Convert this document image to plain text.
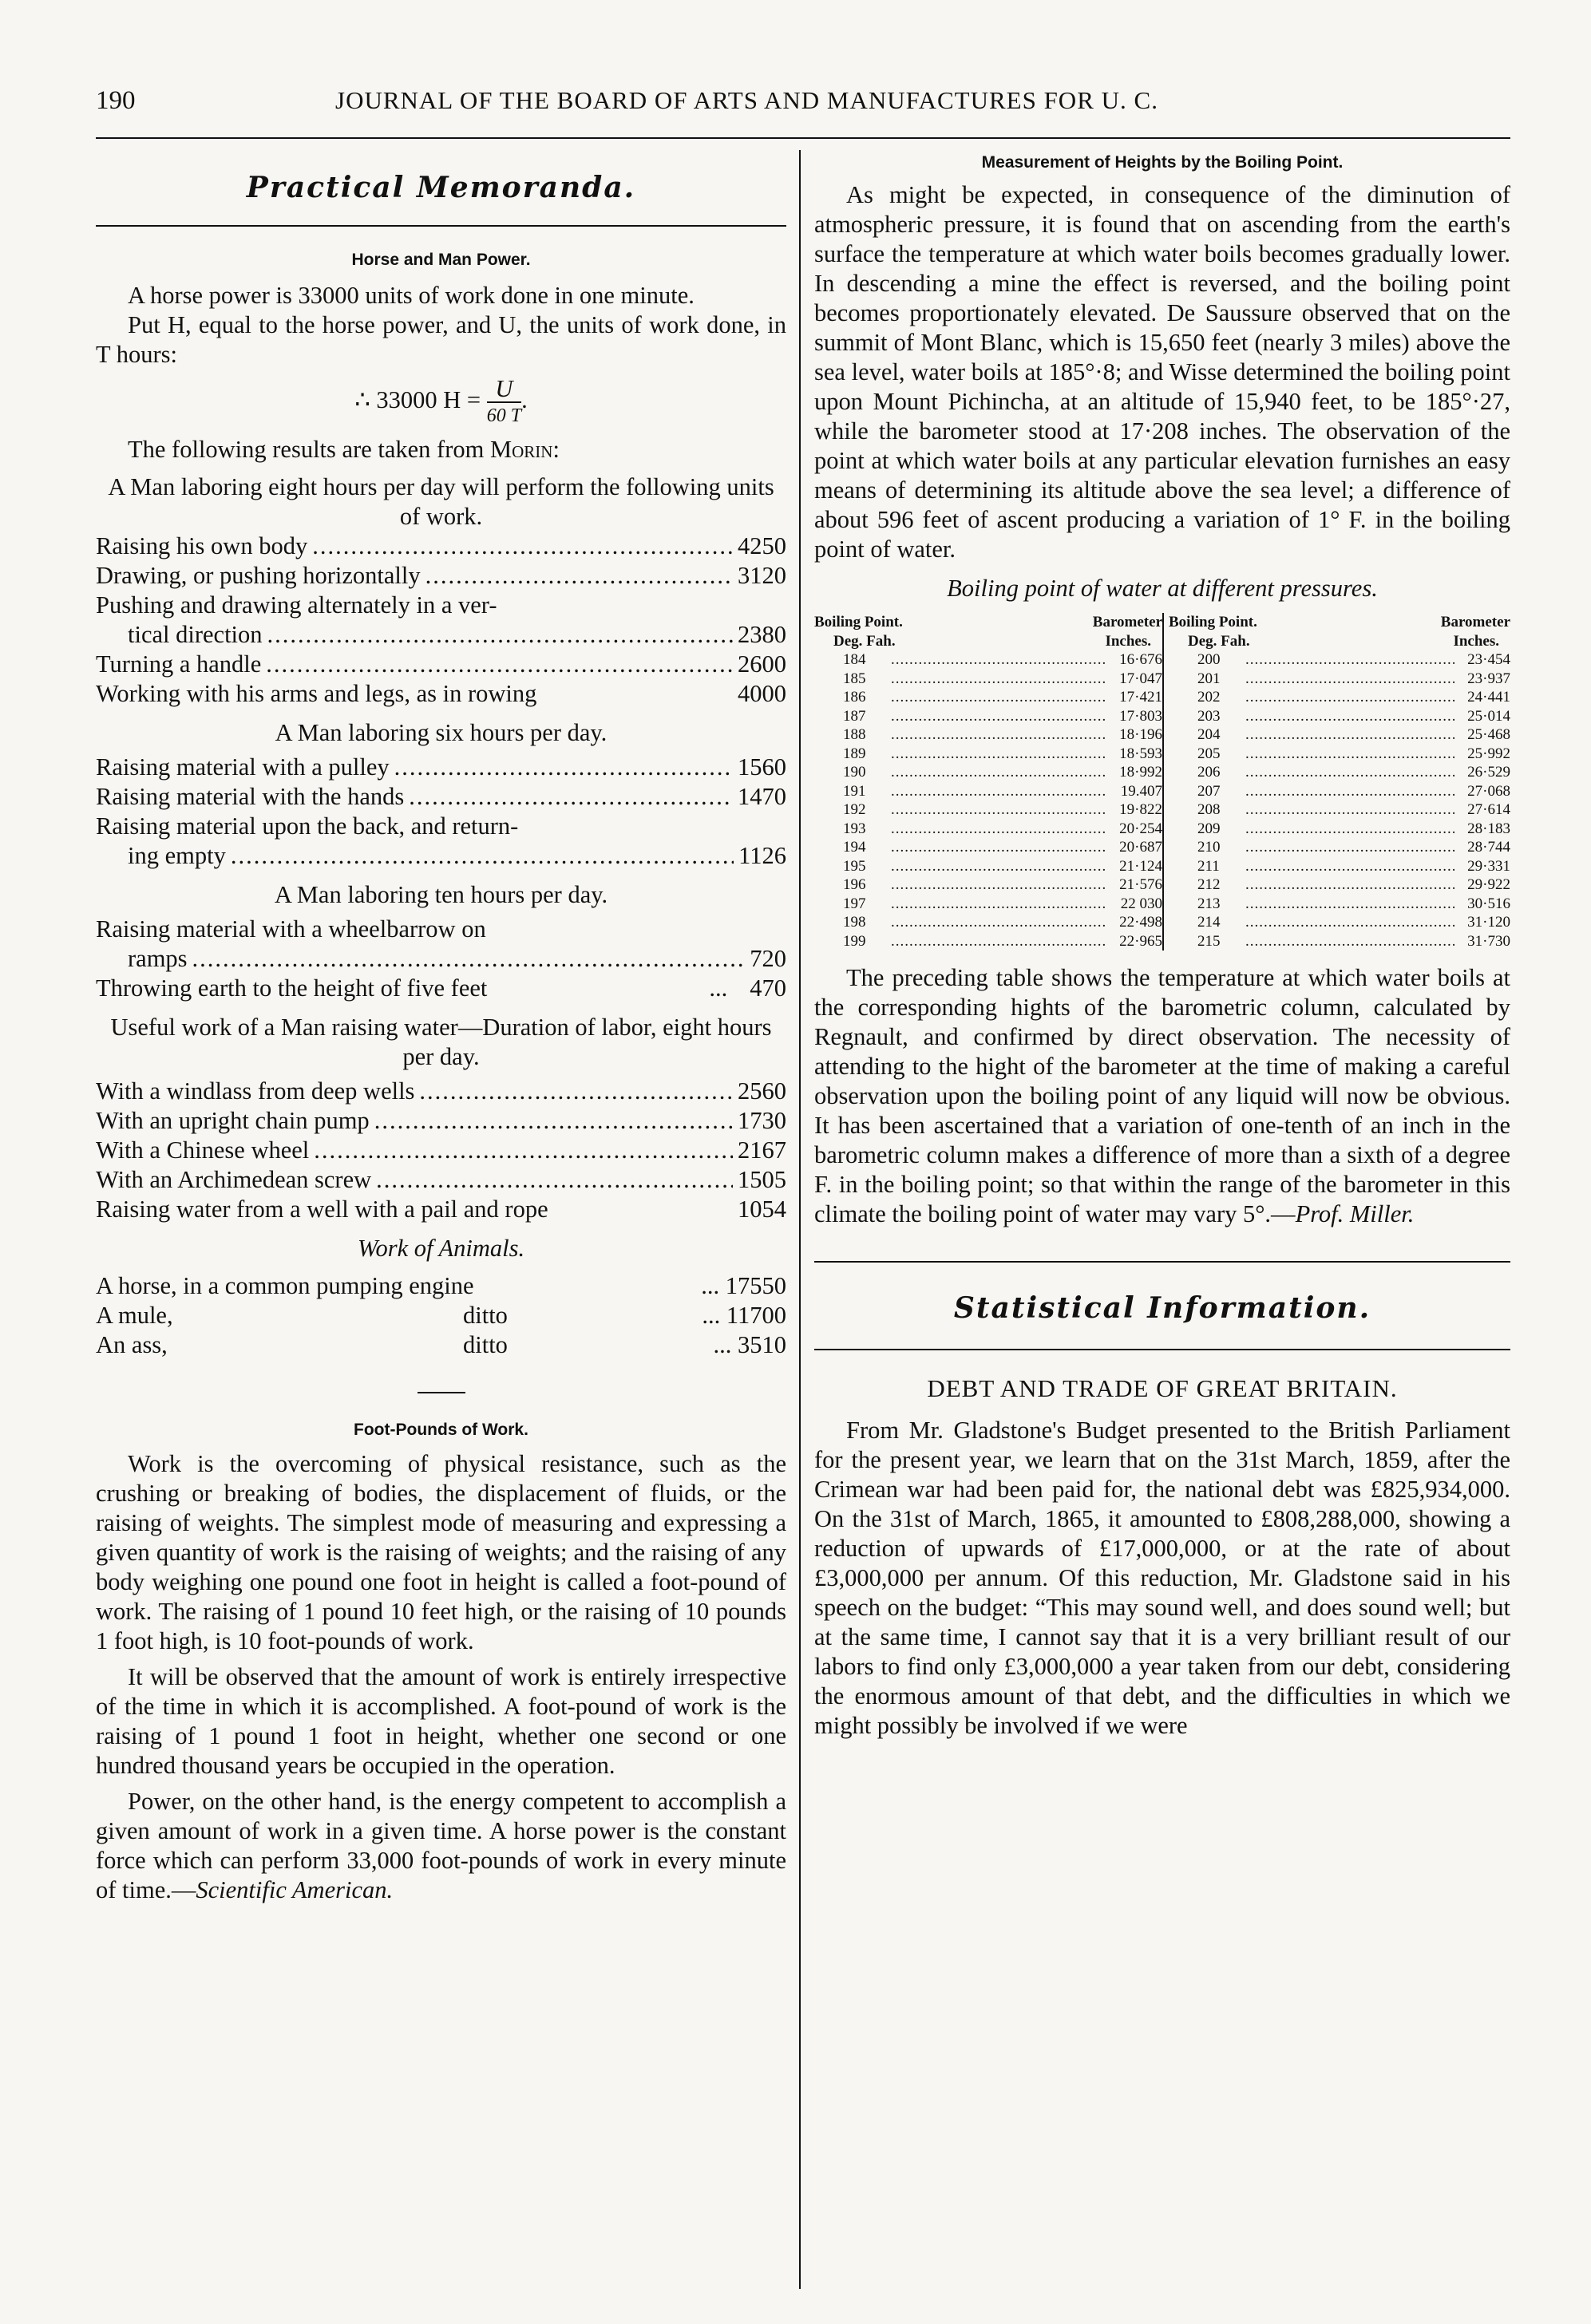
190	JOURNAL OF THE BOARD OF ARTS AND MANUFACTURES FOR U. C.
Practical Memoranda.
Horse and Man Power.

A horse power is 33000 units of work done in one minute.

Put H, equal to the horse power, and U, the units of work done, in T hours:

∴ 33000 H = U
60 T
.

The following results are taken from Morin:

A Man laboring eight hours per day will perform the following units of work.

Raising his own body .....	4250
Drawing, or pushing horizontally .....	3120
Pushing and drawing alternately in a ver-
tical direction .....	2380
Turning a handle .....	2600
Working with his arms and legs, as in rowing	4000
A Man laboring six hours per day.
Raising material with a pulley .....	1560
Raising material with the hands .....	1470
Raising material upon the back, and return-
ing empty .....	1126
A Man laboring ten hours per day.
Raising material with a wheelbarrow on
ramps .....	720
Throwing earth to the height of five feet	... 470
Useful work of a Man raising water—Duration of labor, eight hours per day.
With a windlass from deep wells .....	2560
With an upright chain pump .....	1730
With a Chinese wheel .....	2167
With an Archimedean screw .....	1505
Raising water from a well with a pail and rope	1054
Work of Animals.
A horse, in a common pumping engine	... 17550
A mule,	ditto	... 11700
An ass,	ditto	... 3510
Foot-Pounds of Work.

Work is the overcoming of physical resistance, such as the crushing or breaking of bodies, the displacement of fluids, or the raising of weights. The simplest mode of measuring and expressing a given quantity of work is the raising of weights; and the raising of any body weighing one pound one foot in height is called a foot-pound of work. The raising of 1 pound 10 feet high, or the raising of 10 pounds 1 foot high, is 10 foot-pounds of work.

It will be observed that the amount of work is entirely irrespective of the time in which it is accomplished. A foot-pound of work is the raising of 1 pound 1 foot in height, whether one second or one hundred thousand years be occupied in the operation.

Power, on the other hand, is the energy competent to accomplish a given amount of work in a given time. A horse power is the constant force which can perform 33,000 foot-pounds of work in every minute of time.—Scientific American.

Measurement of Heights by the Boiling Point.

As might be expected, in consequence of the diminution of atmospheric pressure, it is found that on ascending from the earth's surface the temperature at which water boils becomes gradually lower. In descending a mine the effect is reversed, and the boiling point becomes proportionately elevated. De Saussure observed that on the summit of Mont Blanc, which is 15,650 feet (nearly 3 miles) above the sea level, water boils at 185°·8; and Wisse determined the boiling point upon Mount Pichincha, at an altitude of 15,940 feet, to be 185°·27, while the barometer stood at 17·208 inches. The observation of the point at which water boils at any particular elevation furnishes an easy means of determining its altitude above the sea level; a difference of about 596 feet of ascent producing a variation of 1° F. in the boiling point of water.

Boiling point of water at different pressures.
Boiling Point.	Barometer
Deg. Fah.	Inches.
184 .....	16·676
185 .....	17·047
186 .....	17·421
187 .....	17·803
188 .....	18·196
189 .....	18·593
190 .....	18·992
191 .....	19.407
192 .....	19·822
193 .....	20·254
194 .....	20·687
195 .....	21·124
196 .....	21·576
197 .....	22 030
198 .....	22·498
199 .....	22·965
Boiling Point.	Barometer
Deg. Fah.	Inches.
200 .....	23·454
201 .....	23·937
202 .....	24·441
203 .....	25·014
204 .....	25·468
205 .....	25·992
206 .....	26·529
207 .....	27·068
208 .....	27·614
209 .....	28·183
210 .....	28·744
211 .....	29·331
212 .....	29·922
213 .....	30·516
214 .....	31·120
215 .....	31·730

The preceding table shows the temperature at which water boils at the corresponding hights of the barometric column, calculated by Regnault, and confirmed by direct observation. The necessity of attending to the hight of the barometer at the time of making a careful observation upon the boiling point of any liquid will now be obvious. It has been ascertained that a variation of one-tenth of an inch in the barometric column makes a difference of more than a sixth of a degree F. in the boiling point; so that within the range of the barometer in this climate the boiling point of water may vary 5°.—Prof. Miller.

Statistical Information.
DEBT AND TRADE OF GREAT BRITAIN.

From Mr. Gladstone's Budget presented to the British Parliament for the present year, we learn that on the 31st March, 1859, after the Crimean war had been paid for, the national debt was £825,934,000. On the 31st of March, 1865, it amounted to £808,288,000, showing a reduction of upwards of £17,000,000, or at the rate of about £3,000,000 per annum. Of this reduction, Mr. Gladstone said in his speech on the budget: “This may sound well, and does sound well; but at the same time, I cannot say that it is a very brilliant result of our labors to find only £3,000,000 a year taken from our debt, considering the enormous amount of that debt, and the difficulties in which we might possibly be involved if we were
